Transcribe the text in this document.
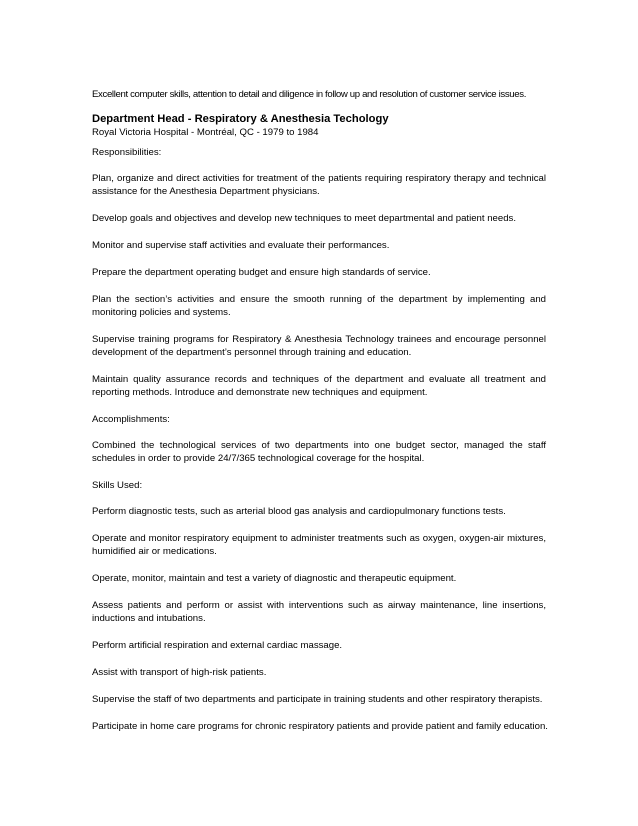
Excellent computer skills, attention to detail and diligence in follow up and resolution of customer service issues.

Department Head - Respiratory & Anesthesia Techology

Royal Victoria Hospital - Montréal, QC - 1979 to 1984

Responsibilities:

Plan, organize and direct activities for treatment of the patients requiring respiratory therapy and technical assistance for the Anesthesia Department physicians.

Develop goals and objectives and develop new techniques to meet departmental and patient needs.

Monitor and supervise staff activities and evaluate their performances.

Prepare the department operating budget and ensure high standards of service.

Plan the section’s activities and ensure the smooth running of the department by implementing and monitoring policies and systems.

Supervise training programs for Respiratory & Anesthesia Technology trainees and encourage personnel development of the department’s personnel through training and education.

Maintain quality assurance records and techniques of the department and evaluate all treatment and reporting methods. Introduce and demonstrate new techniques and equipment.

Accomplishments:

Combined the technological services of two departments into one budget sector, managed the staff schedules in order to provide 24/7/365 technological coverage for the hospital.

Skills Used:

Perform diagnostic tests, such as arterial blood gas analysis and cardiopulmonary functions tests.

Operate and monitor respiratory equipment to administer treatments such as oxygen, oxygen-air mixtures, humidified air or medications.

Operate, monitor, maintain and test a variety of diagnostic and therapeutic equipment.

Assess patients and perform or assist with interventions such as airway maintenance, line insertions, inductions and intubations.

Perform artificial respiration and external cardiac massage.

Assist with transport of high-risk patients.

Supervise the staff of two departments and participate in training students and other respiratory therapists.

Participate in home care programs for chronic respiratory patients and provide patient and family education.
